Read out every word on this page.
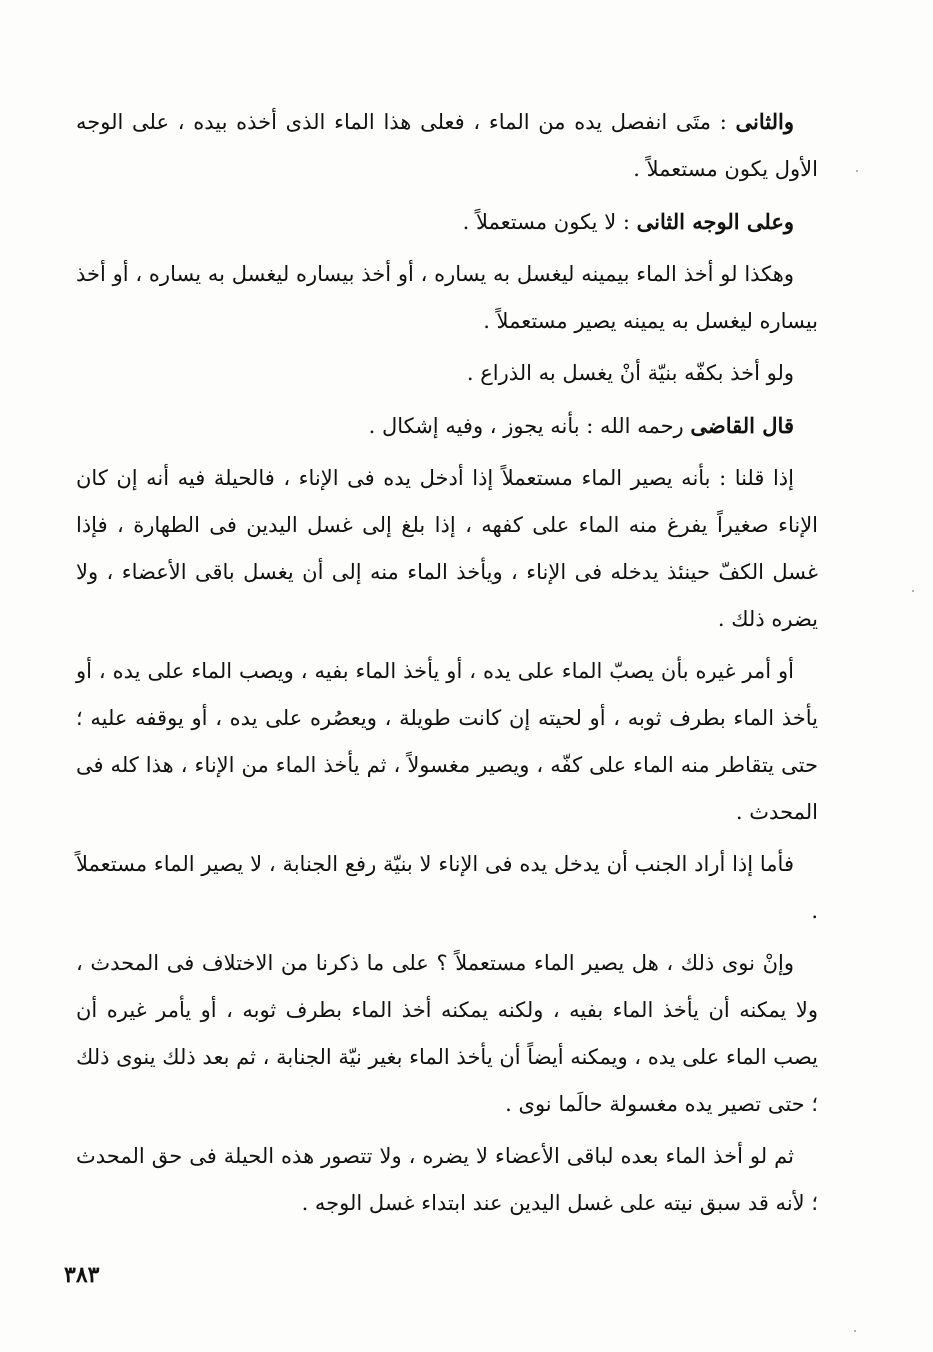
والثانى : متَى انفصل يده من الماء ، فعلى هذا الماء الذى أخذه بيده ، على الوجه الأول يكون مستعملاً .

وعلى الوجه الثانى : لا يكون مستعملاً .

وهكذا لو أخذ الماء بيمينه ليغسل به يساره ، أو أخذ بيساره ليغسل به يساره ، أو أخذ بيساره ليغسل به يمينه يصير مستعملاً .

ولو أخذ بكفّه بنيّة أنْ يغسل به الذراع .

قال القاضى رحمه الله : بأنه يجوز ، وفيه إشكال .

إذا قلنا : بأنه يصير الماء مستعملاً إذا أدخل يده فى الإناء ، فالحيلة فيه أنه إن كان الإناء صغيراً يفرغ منه الماء على كفهه ، إذا بلغ إلى غسل اليدين فى الطهارة ، فإذا غسل الكفّ حينئذ يدخله فى الإناء ، ويأخذ الماء منه إلى أن يغسل باقى الأعضاء ، ولا يضره ذلك .

أو أمر غيره بأن يصبّ الماء على يده ، أو يأخذ الماء بفيه ، ويصب الماء على يده ، أو يأخذ الماء بطرف ثوبه ، أو لحيته إن كانت طويلة ، ويعصُره على يده ، أو يوقفه عليه ؛ حتى يتقاطر منه الماء على كفّه ، ويصير مغسولاً ، ثم يأخذ الماء من الإناء ، هذا كله فى المحدث .

فأما إذا أراد الجنب أن يدخل يده فى الإناء لا بنيّة رفع الجنابة ، لا يصير الماء مستعملاً .

وإنْ نوى ذلك ، هل يصير الماء مستعملاً ؟ على ما ذكرنا من الاختلاف فى المحدث ، ولا يمكنه أن يأخذ الماء بفيه ، ولكنه يمكنه أخذ الماء بطرف ثوبه ، أو يأمر غيره أن يصب الماء على يده ، ويمكنه أيضاً أن يأخذ الماء بغير نيّة الجنابة ، ثم بعد ذلك ينوى ذلك ؛ حتى تصير يده مغسولة حالَما نوى .

ثم لو أخذ الماء بعده لباقى الأعضاء لا يضره ، ولا تتصور هذه الحيلة فى حق المحدث ؛ لأنه قد سبق نيته على غسل اليدين عند ابتداء غسل الوجه .

٣٨٣
